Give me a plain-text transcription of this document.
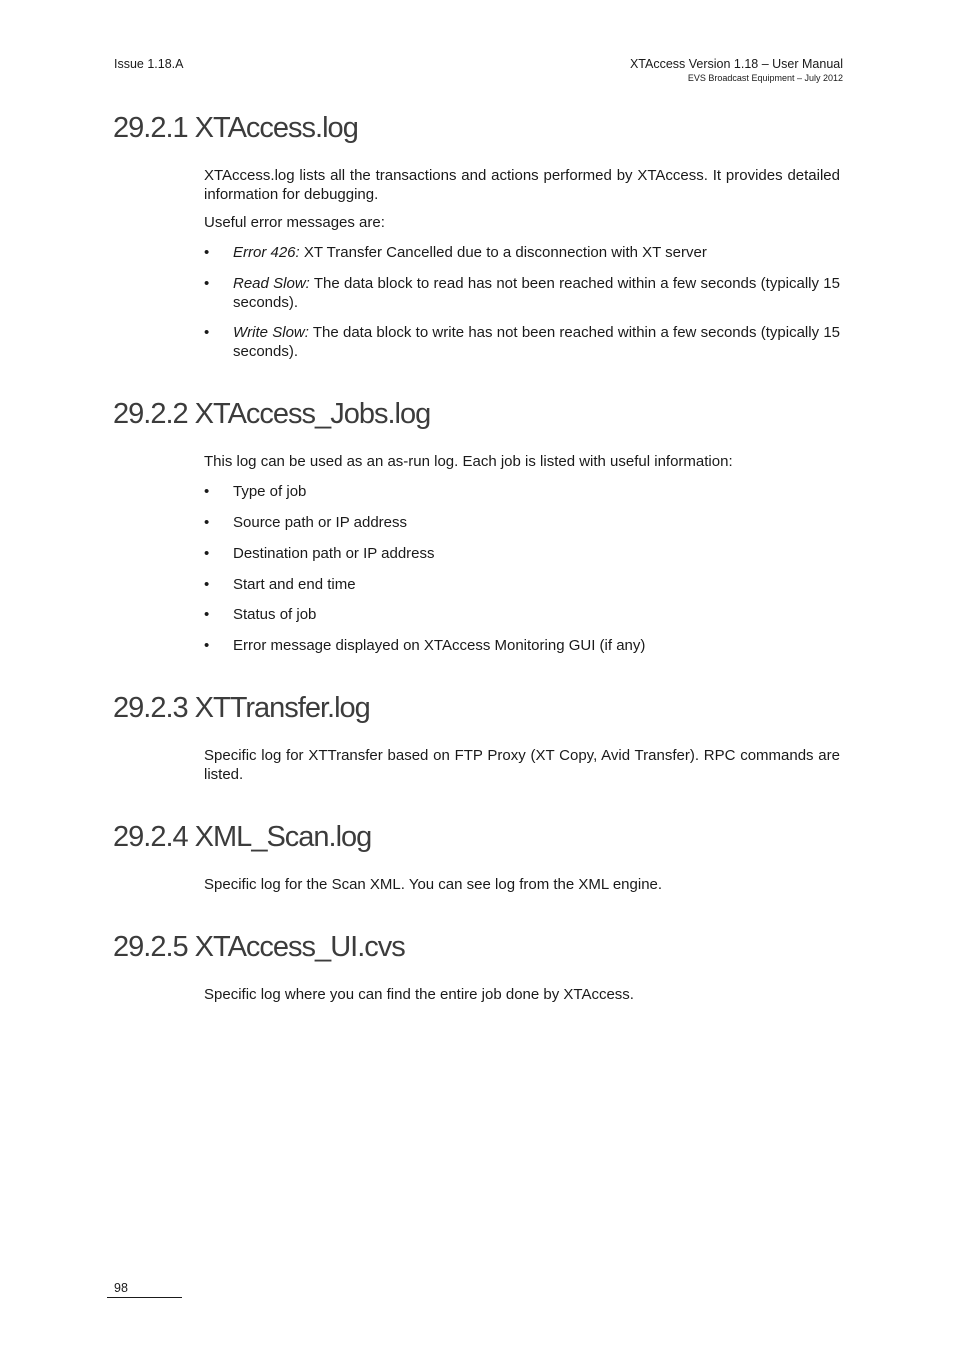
Issue 1.18.A	XTAccess Version 1.18 – User Manual
EVS Broadcast Equipment – July 2012
29.2.1 XTAccess.log

XTAccess.log lists all the transactions and actions performed by XTAccess. It provides detailed information for debugging.

Useful error messages are:

•	Error 426: XT Transfer Cancelled due to a disconnection with XT server
•	Read Slow: The data block to read has not been reached within a few seconds (typically 15 seconds).
•	Write Slow: The data block to write has not been reached within a few seconds (typically 15 seconds).
29.2.2 XTAccess_Jobs.log

This log can be used as an as-run log. Each job is listed with useful information:

•	Type of job
•	Source path or IP address
•	Destination path or IP address
•	Start and end time
•	Status of job
•	Error message displayed on XTAccess Monitoring GUI (if any)
29.2.3 XTTransfer.log

Specific log for XTTransfer based on FTP Proxy (XT Copy, Avid Transfer). RPC commands are listed.

29.2.4 XML_Scan.log

Specific log for the Scan XML. You can see log from the XML engine.

29.2.5 XTAccess_UI.cvs

Specific log where you can find the entire job done by XTAccess.

98
